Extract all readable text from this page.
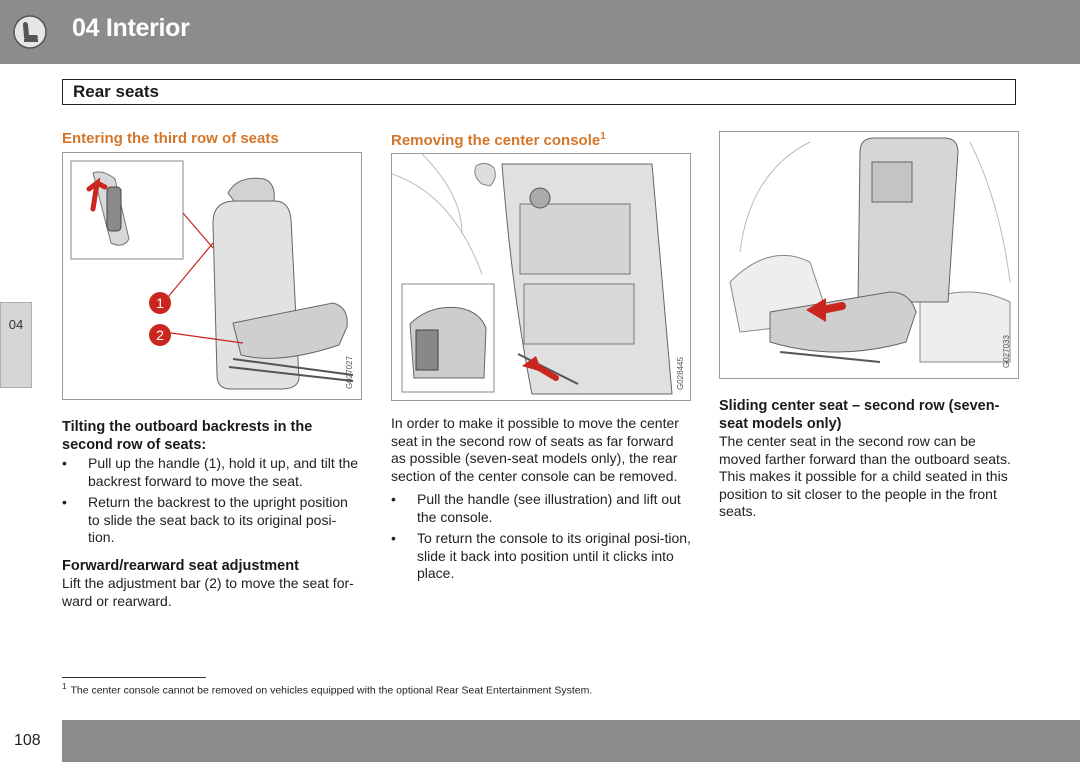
04 Interior
Rear seats
04
Entering the third row of seats
1
2
G027027
Tilting the outboard backrests in the second row of seats:
• Pull up the handle (1), hold it up, and tilt the backrest forward to move the seat.
• Return the backrest to the upright position to slide the seat back to its original posi-tion.
Forward/rearward seat adjustment
Lift the adjustment bar (2) to move the seat for-ward or rearward.
Removing the center console$^1$
G028445
In order to make it possible to move the center seat in the second row of seats as far forward as possible (seven-seat models only), the rear section of the center console can be removed.
• Pull the handle (see illustration) and lift out the console.
• To return the console to its original posi-tion, slide it back into position until it clicks into place.
G027033
Sliding center seat – second row (seven-seat models only)
The center seat in the second row can be moved farther forward than the outboard seats. This makes it possible for a child seated in this position to sit closer to the people in the front seats.
$^1$ The center console cannot be removed on vehicles equipped with the optional Rear Seat Entertainment System.
108
